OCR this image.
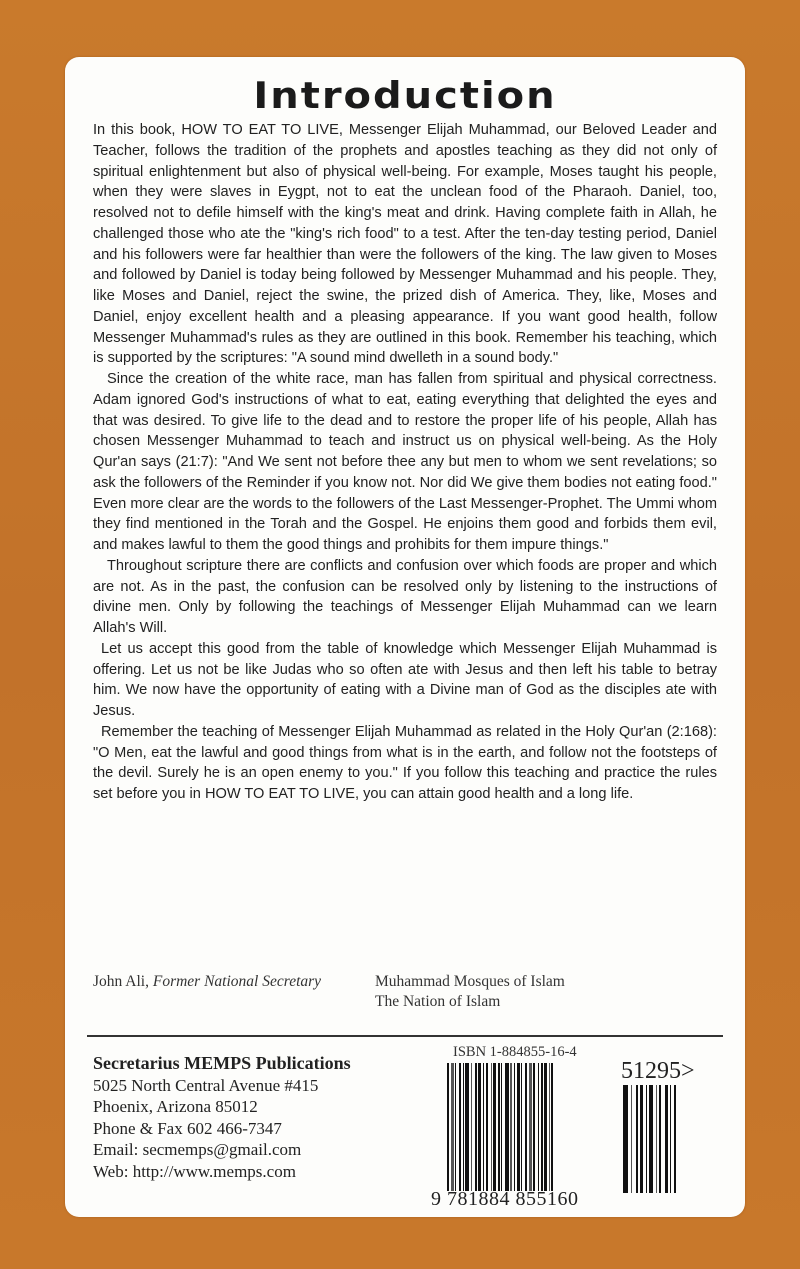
Introduction

In this book, HOW TO EAT TO LIVE, Messenger Elijah Muhammad, our Beloved Leader and Teacher, follows the tradition of the prophets and apostles teaching as they did not only of spiritual enlightenment but also of physical well-being. For example, Moses taught his people, when they were slaves in Eygpt, not to eat the unclean food of the Pharaoh. Daniel, too, resolved not to defile himself with the king's meat and drink. Having complete faith in Allah, he challenged those who ate the "king's rich food" to a test. After the ten-day testing period, Daniel and his followers were far healthier than were the followers of the king. The law given to Moses and followed by Daniel is today being followed by Messenger Muhammad and his people. They, like Moses and Daniel, reject the swine, the prized dish of America. They, like, Moses and Daniel, enjoy excellent health and a pleasing appearance. If you want good health, follow Messenger Muhammad's rules as they are outlined in this book. Remember his teaching, which is supported by the scriptures: "A sound mind dwelleth in a sound body."

Since the creation of the white race, man has fallen from spiritual and physical correctness. Adam ignored God's instructions of what to eat, eating everything that delighted the eyes and that was desired. To give life to the dead and to restore the proper life of his people, Allah has chosen Messenger Muhammad to teach and instruct us on physical well-being. As the Holy Qur'an says (21:7): "And We sent not before thee any but men to whom we sent revelations; so ask the followers of the Reminder if you know not. Nor did We give them bodies not eating food." Even more clear are the words to the followers of the Last Messenger-Prophet. The Ummi whom they find mentioned in the Torah and the Gospel. He enjoins them good and forbids them evil, and makes lawful to them the good things and prohibits for them impure things."

Throughout scripture there are conflicts and confusion over which foods are proper and which are not. As in the past, the confusion can be resolved only by listening to the instructions of divine men. Only by following the teachings of Messenger Elijah Muhammad can we learn Allah's Will.

Let us accept this good from the table of knowledge which Messenger Elijah Muhammad is offering. Let us not be like Judas who so often ate with Jesus and then left his table to betray him. We now have the opportunity of eating with a Divine man of God as the disciples ate with Jesus.

Remember the teaching of Messenger Elijah Muhammad as related in the Holy Qur'an (2:168): "O Men, eat the lawful and good things from what is in the earth, and follow not the footsteps of the devil. Surely he is an open enemy to you." If you follow this teaching and practice the rules set before you in HOW TO EAT TO LIVE, you can attain good health and a long life.

John Ali, Former National Secretary	Muhammad Mosques of Islam
The Nation of Islam
Secretarius MEMPS Publications
5025 North Central Avenue #415
Phoenix, Arizona 85012
Phone & Fax 602 466-7347
Email: secmemps@gmail.com
Web: http://www.memps.com
ISBN 1-884855-16-4
9 781884 855160
51295>
